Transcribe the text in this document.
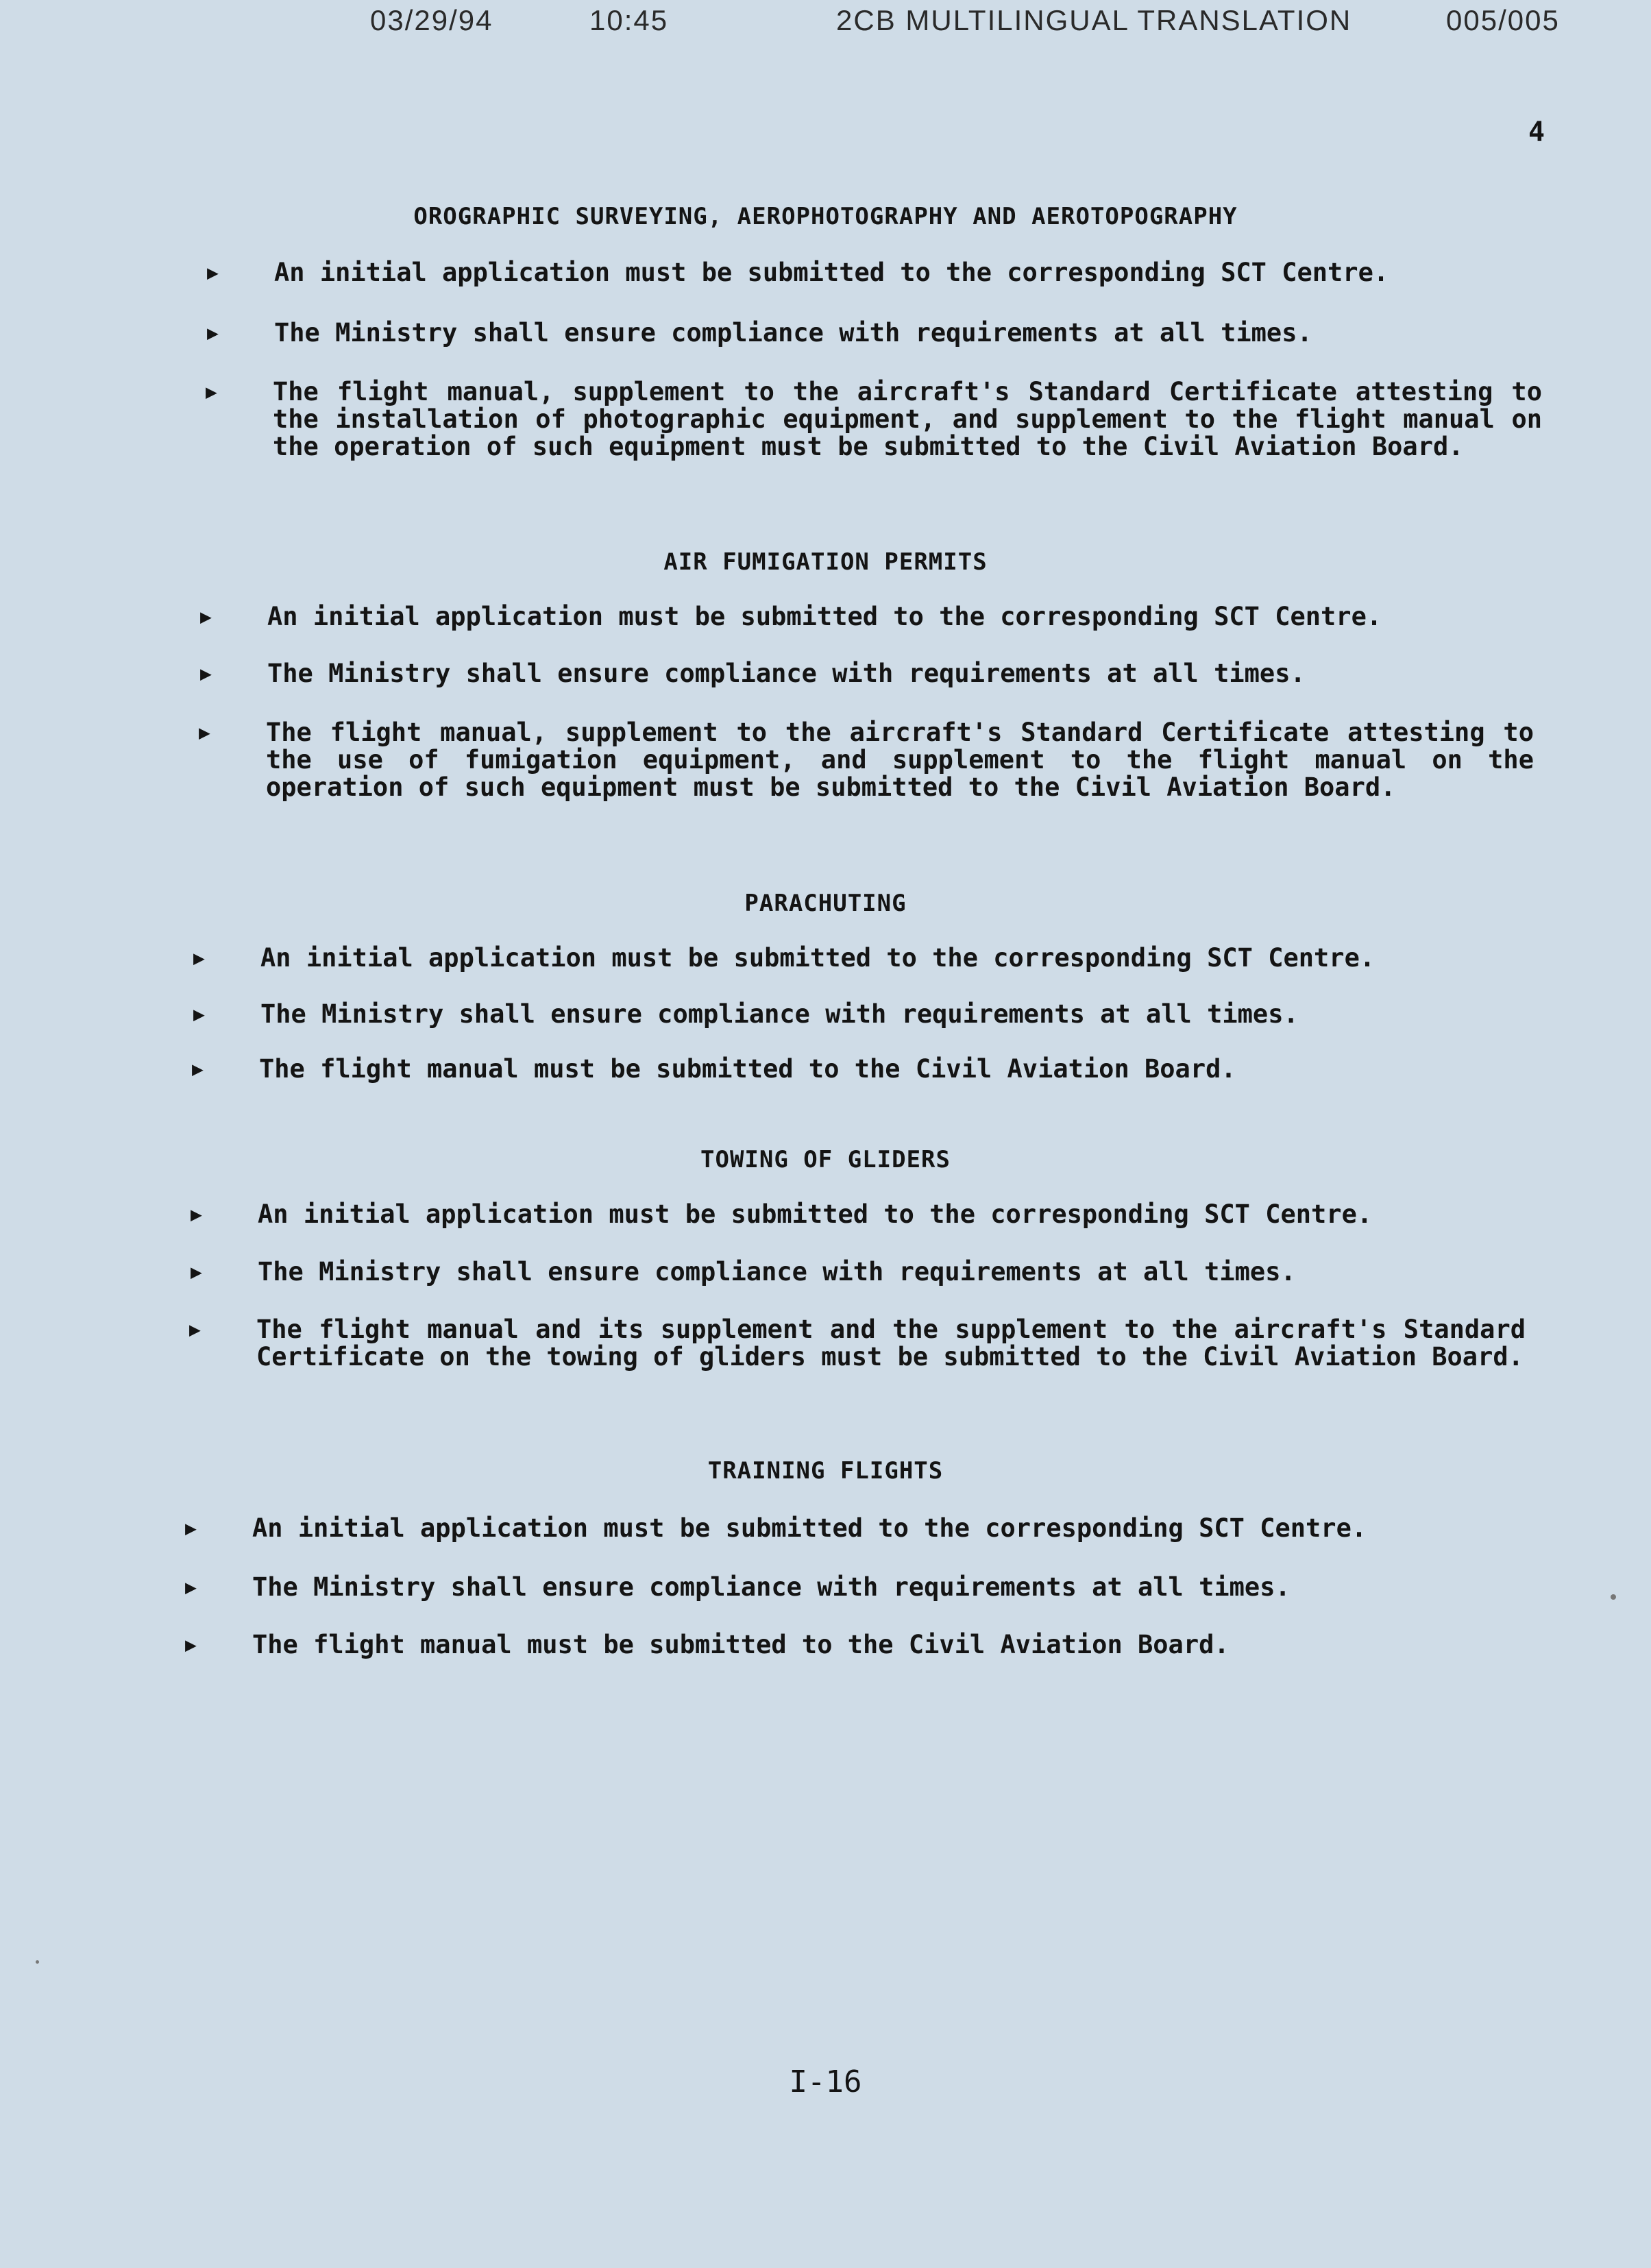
03/29/94	10:45	2CB MULTILINGUAL TRANSLATION	005/005
4
OROGRAPHIC SURVEYING, AEROPHOTOGRAPHY AND AEROTOPOGRAPHY
▶ An initial application must be submitted to the corresponding SCT Centre.
▶ The Ministry shall ensure compliance with requirements at all times.
▶ The flight manual, supplement to the aircraft's Standard Certificate attesting to the installation of photographic equipment, and supplement to the flight manual on the operation of such equipment must be submitted to the Civil Aviation Board.
AIR FUMIGATION PERMITS
▶ An initial application must be submitted to the corresponding SCT Centre.
▶ The Ministry shall ensure compliance with requirements at all times.
▶ The flight manual, supplement to the aircraft's Standard Certificate attesting to the use of fumigation equipment, and supplement to the flight manual on the operation of such equipment must be submitted to the Civil Aviation Board.
PARACHUTING
▶ An initial application must be submitted to the corresponding SCT Centre.
▶ The Ministry shall ensure compliance with requirements at all times.
▶ The flight manual must be submitted to the Civil Aviation Board.
TOWING OF GLIDERS
▶ An initial application must be submitted to the corresponding SCT Centre.
▶ The Ministry shall ensure compliance with requirements at all times.
▶ The flight manual and its supplement and the supplement to the aircraft's Standard Certificate on the towing of gliders must be submitted to the Civil Aviation Board.
TRAINING FLIGHTS
▶ An initial application must be submitted to the corresponding SCT Centre.
▶ The Ministry shall ensure compliance with requirements at all times.
▶ The flight manual must be submitted to the Civil Aviation Board.
I-16
